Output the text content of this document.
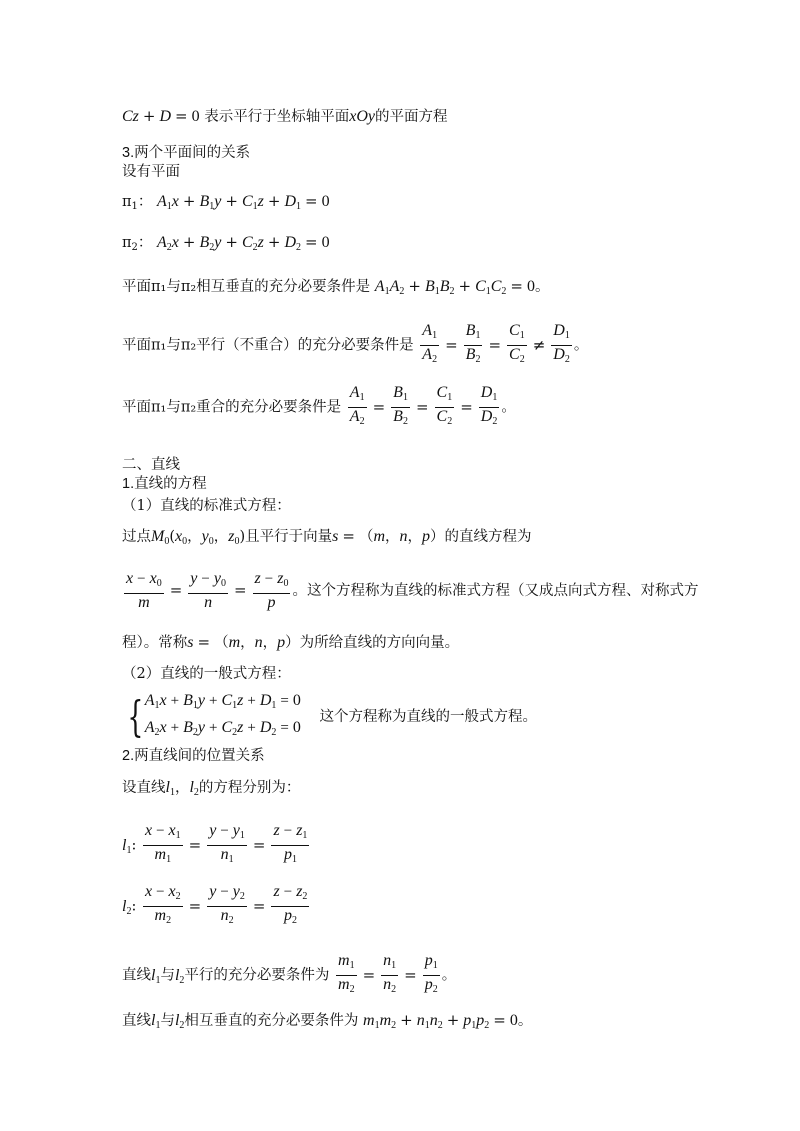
Cz + D = 0 表示平行于坐标轴平面xOy的平面方程
3.两个平面间的关系
设有平面
$\pi_1$： $A_1x + B_1y + C_1z + D_1 = 0$
$\pi_2$： $A_2x + B_2y + C_2z + D_2 = 0$
平面π₁与π₂相互垂直的充分必要条件是 $A_1A_2 + B_1B_2 + C_1C_2 = 0$。
平面π₁与π₂平行（不重合）的充分必要条件是 $\frac{A_1}{A_2} = \frac{B_1}{B_2} = \frac{C_1}{C_2} \ne \frac{D_1}{D_2}$ 。
平面π₁与π₂重合的充分必要条件是 $\frac{A_1}{A_2} = \frac{B_1}{B_2} = \frac{C_1}{C_2} = \frac{D_1}{D_2}$ 。
二、直线
1.直线的方程
（1）直线的标准式方程：
过点$M_0(x_0$，$y_0$，$z_0$)且平行于向量s = （m，n，p）的直线方程为
$\frac{x - x_0}{m} = \frac{y - y_0}{n} = \frac{z - z_0}{p}$ 。这个方程称为直线的标准式方程（又成点向式方程、对称式方
程）。常称s = （m，n，p）为所给直线的方向向量。
（2）直线的一般式方程：
{ $A_1x + B_1y + C_1z + D_1 = 0$
$A_2x + B_2y + C_2z + D_2 = 0$
这个方程称为直线的一般式方程。
2.两直线间的位置关系
设直线$l_1$，$l_2$的方程分别为：
$l_1$: $\frac{x - x_1}{m_1} = \frac{y - y_1}{n_1} = \frac{z - z_1}{p_1}$
$l_2$: $\frac{x - x_2}{m_2} = \frac{y - y_2}{n_2} = \frac{z - z_2}{p_2}$
直线$l_1$与$l_2$平行的充分必要条件为 $\frac{m_1}{m_2} = \frac{n_1}{n_2} = \frac{p_1}{p_2}$ 。
直线$l_1$与$l_2$相互垂直的充分必要条件为 $m_1m_2 + n_1n_2 + p_1p_2 = 0$。
